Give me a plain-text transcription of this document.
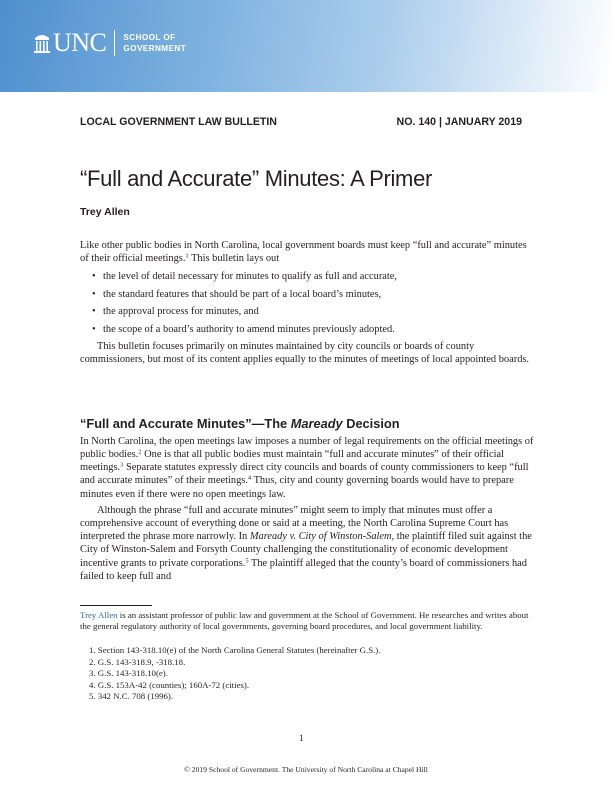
UNC SCHOOL OF
GOVERNMENT
LOCAL GOVERNMENT LAW BULLETIN	NO. 140 | JANUARY 2019
“Full and Accurate” Minutes: A Primer
Trey Allen
Like other public bodies in North Carolina, local government boards must keep “full and accurate” minutes of their official meetings.$^1$ This bulletin lays out
• the level of detail necessary for minutes to qualify as full and accurate,
• the standard features that should be part of a local board’s minutes,
• the approval process for minutes, and
• the scope of a board’s authority to amend minutes previously adopted.
This bulletin focuses primarily on minutes maintained by city councils or boards of county commissioners, but most of its content applies equally to the minutes of meetings of local appointed boards.
“Full and Accurate Minutes”—The Maready Decision
In North Carolina, the open meetings law imposes a number of legal requirements on the official meetings of public bodies.$^2$ One is that all public bodies must maintain “full and accurate minutes” of their official meetings.$^3$ Separate statutes expressly direct city councils and boards of county commissioners to keep “full and accurate minutes” of their meetings.$^4$ Thus, city and county governing boards would have to prepare minutes even if there were no open meetings law.
Although the phrase “full and accurate minutes” might seem to imply that minutes must offer a comprehensive account of everything done or said at a meeting, the North Carolina Supreme Court has interpreted the phrase more narrowly. In Maready v. City of Winston-Salem, the plaintiff filed suit against the City of Winston-Salem and Forsyth County challenging the constitutionality of economic development incentive grants to private corporations.$^5$ The plaintiff alleged that the county’s board of commissioners had failed to keep full and
Trey Allen is an assistant professor of public law and government at the School of Government. He researches and writes about the general regulatory authority of local governments, governing board procedures, and local government liability.
1. Section 143-318.10(e) of the North Carolina General Statutes (hereinafter G.S.).
2. G.S. 143-318.9, -318.18.
3. G.S. 143-318.10(e).
4. G.S. 153A-42 (counties); 160A-72 (cities).
5. 342 N.C. 708 (1996).
1
© 2019 School of Government. The University of North Carolina at Chapel Hill
